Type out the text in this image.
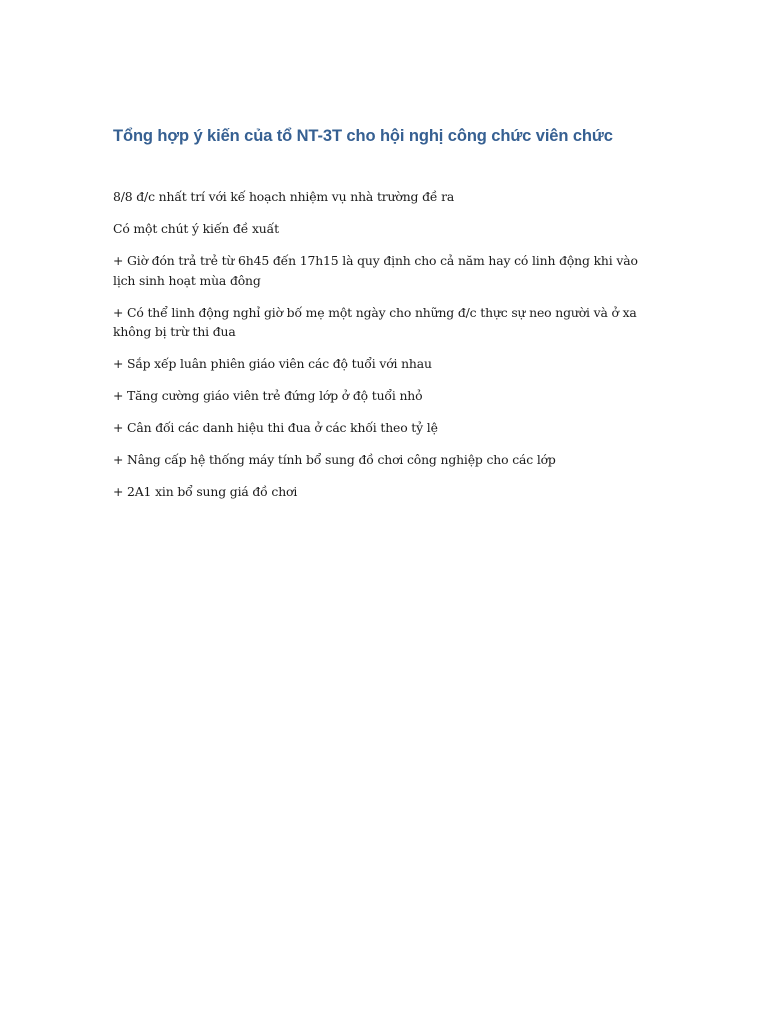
Tổng hợp ý kiến của tổ NT-3T cho hội nghị công chức viên chức

8/8 đ/c nhất trí với kế hoạch nhiệm vụ nhà trường đề ra

Có một chút ý kiến đề xuất

+ Giờ đón trả trẻ từ 6h45 đến 17h15 là quy định cho cả năm hay có linh động khi vào lịch sinh hoạt mùa đông

+ Có thể linh động nghỉ giờ bố mẹ một ngày cho những đ/c thực sự neo người và ở xa không bị trừ thi đua

+ Sắp xếp luân phiên giáo viên các độ tuổi với nhau

+ Tăng cường giáo viên trẻ đứng lớp ở độ tuổi nhỏ

+ Cân đối các danh hiệu thi đua ở các khối theo tỷ lệ

+ Nâng cấp hệ thống máy tính bổ sung đồ chơi công nghiệp cho các lớp

+ 2A1 xin bổ sung giá đồ chơi
